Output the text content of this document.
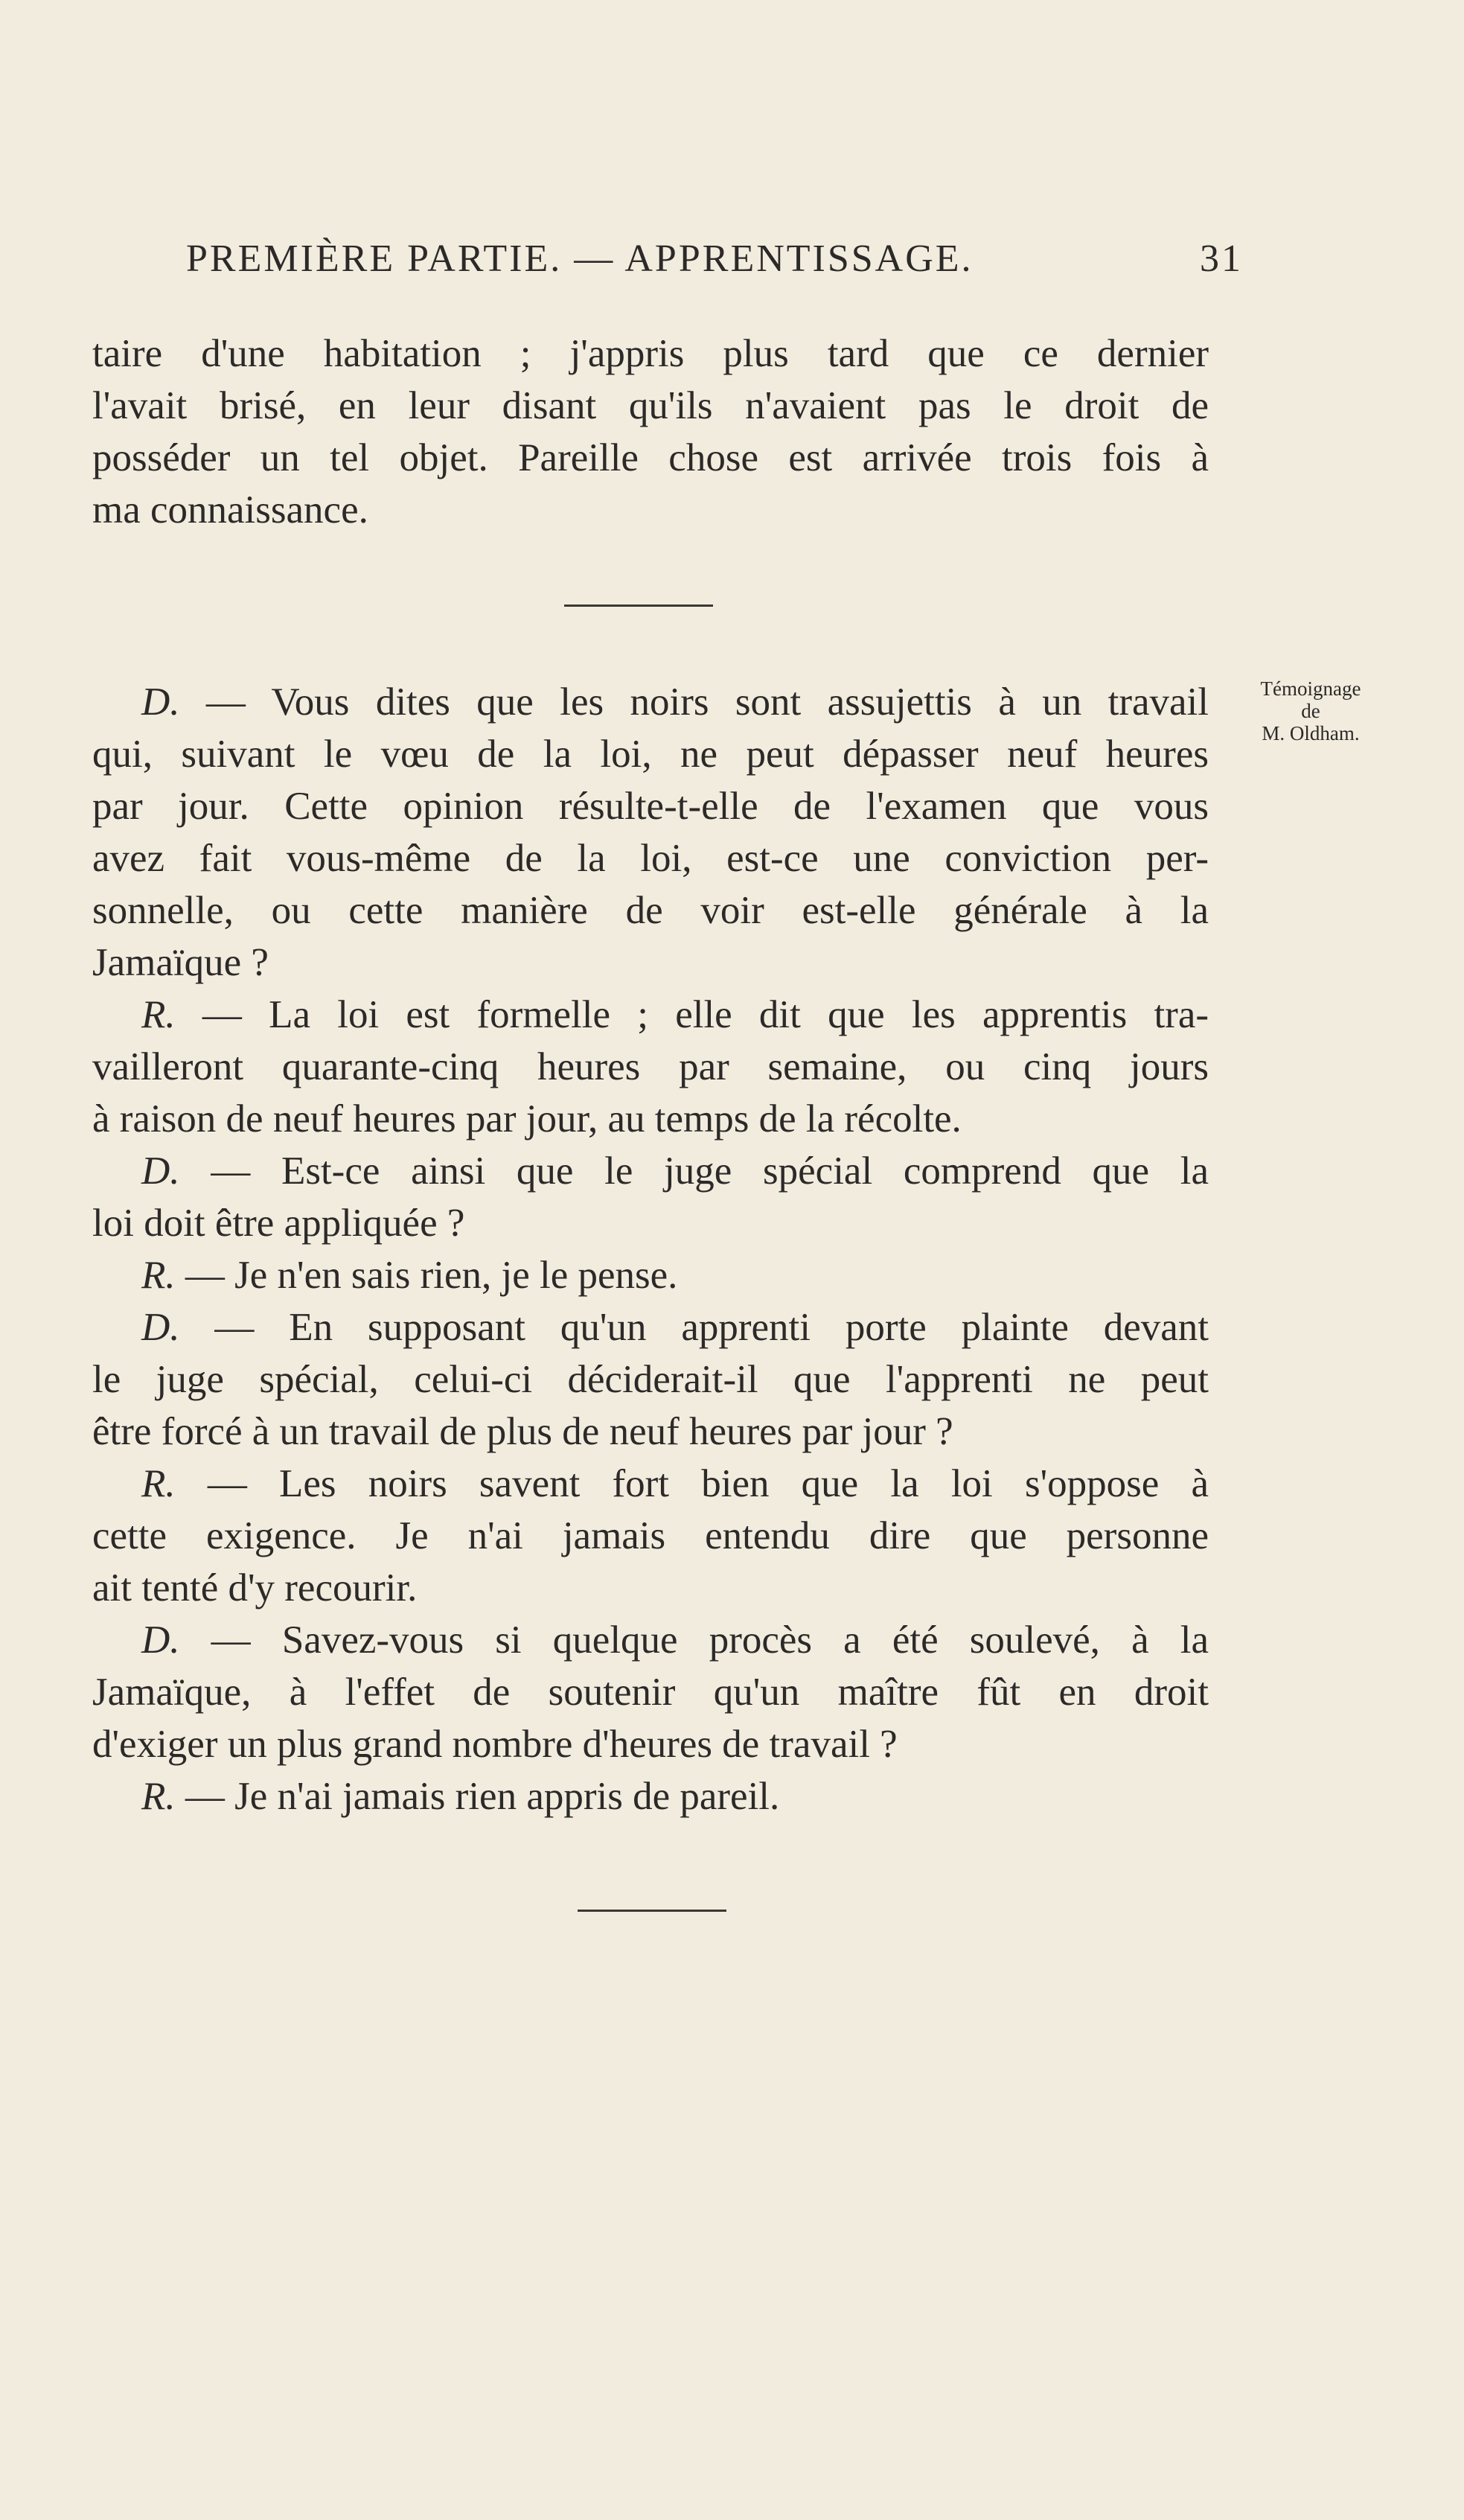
PREMIÈRE PARTIE. — APPRENTISSAGE.	31
taire d'une habitation ; j'appris plus tard que ce dernier
l'avait brisé, en leur disant qu'ils n'avaient pas le droit de
posséder un tel objet. Pareille chose est arrivée trois fois à
ma connaissance.
D. — Vous dites que les noirs sont assujettis à un travail
qui, suivant le vœu de la loi, ne peut dépasser neuf heures
par jour. Cette opinion résulte-t-elle de l'examen que vous
avez fait vous-même de la loi, est-ce une conviction per-
sonnelle, ou cette manière de voir est-elle générale à la
Jamaïque ?
R. — La loi est formelle ; elle dit que les apprentis tra-
vailleront quarante-cinq heures par semaine, ou cinq jours
à raison de neuf heures par jour, au temps de la récolte.
D. — Est-ce ainsi que le juge spécial comprend que la
loi doit être appliquée ?
R. — Je n'en sais rien, je le pense.
D. — En supposant qu'un apprenti porte plainte devant
le juge spécial, celui-ci déciderait-il que l'apprenti ne peut
être forcé à un travail de plus de neuf heures par jour ?
R. — Les noirs savent fort bien que la loi s'oppose à
cette exigence. Je n'ai jamais entendu dire que personne
ait tenté d'y recourir.
D. — Savez-vous si quelque procès a été soulevé, à la
Jamaïque, à l'effet de soutenir qu'un maître fût en droit
d'exiger un plus grand nombre d'heures de travail ?
R. — Je n'ai jamais rien appris de pareil.
Témoignage
de
M. Oldham.
